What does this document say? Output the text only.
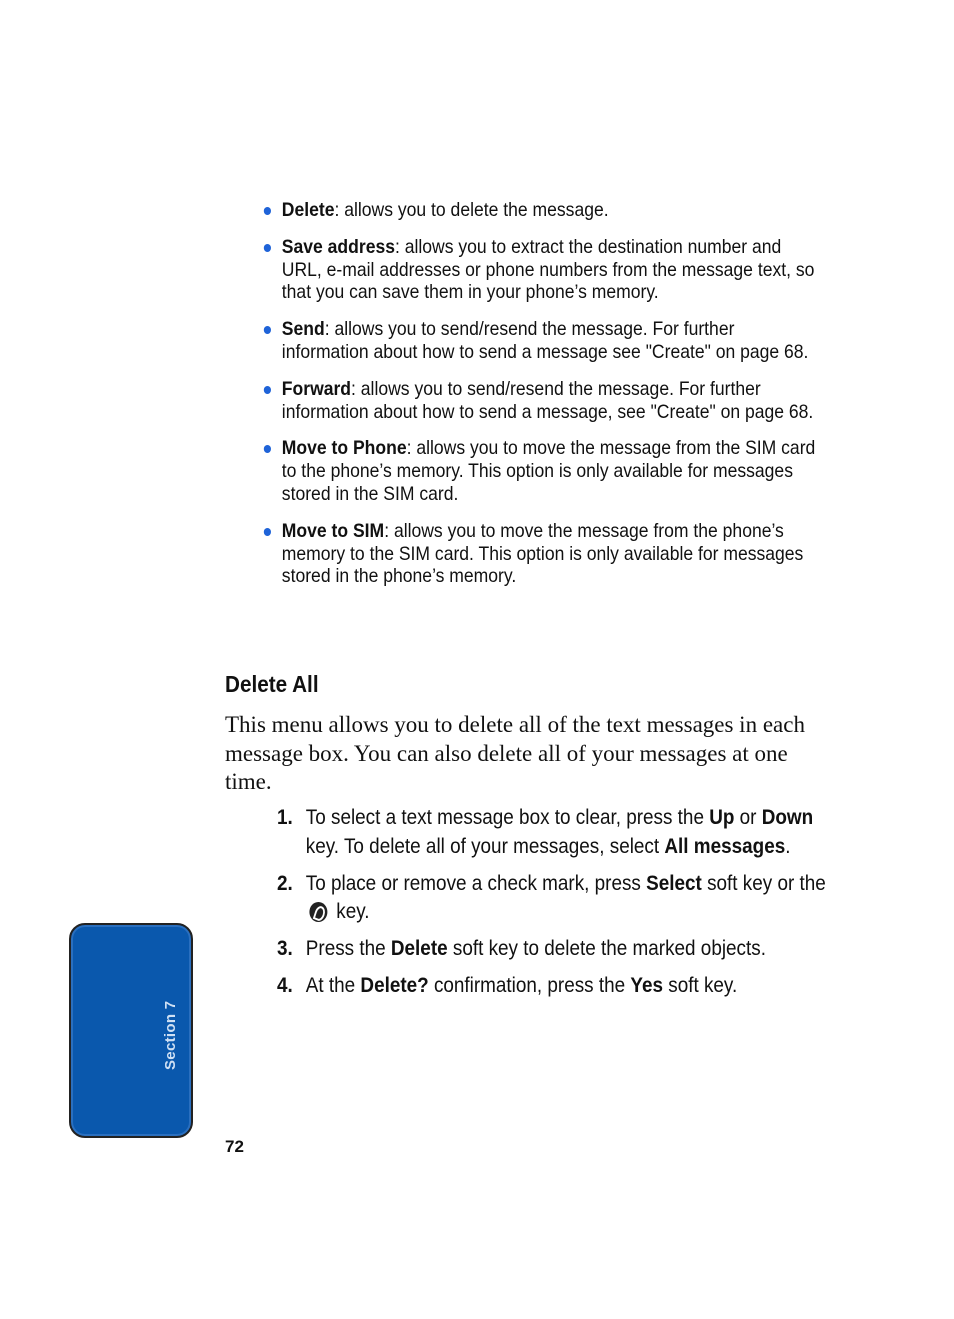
Delete: allows you to delete the message.
Save address: allows you to extract the destination number and URL, e-mail addresses or phone numbers from the message text, so that you can save them in your phone’s memory.
Send: allows you to send/resend the message. For further information about how to send a message see "Create" on page 68.
Forward: allows you to send/resend the message. For further information about how to send a message, see "Create" on page 68.
Move to Phone: allows you to move the message from the SIM card to the phone’s memory. This option is only available for messages stored in the SIM card.
Move to SIM: allows you to move the message from the phone’s memory to the SIM card. This option is only available for messages stored in the phone’s memory.
Delete All
This menu allows you to delete all of the text messages in each message box. You can also delete all of your messages at one time.
1. To select a text message box to clear, press the Up or Down key. To delete all of your messages, select All messages.
2. To place or remove a check mark, press Select soft key or the  key.
3. Press the Delete soft key to delete the marked objects.
4. At the Delete? confirmation, press the Yes soft key.
Section 7
72
